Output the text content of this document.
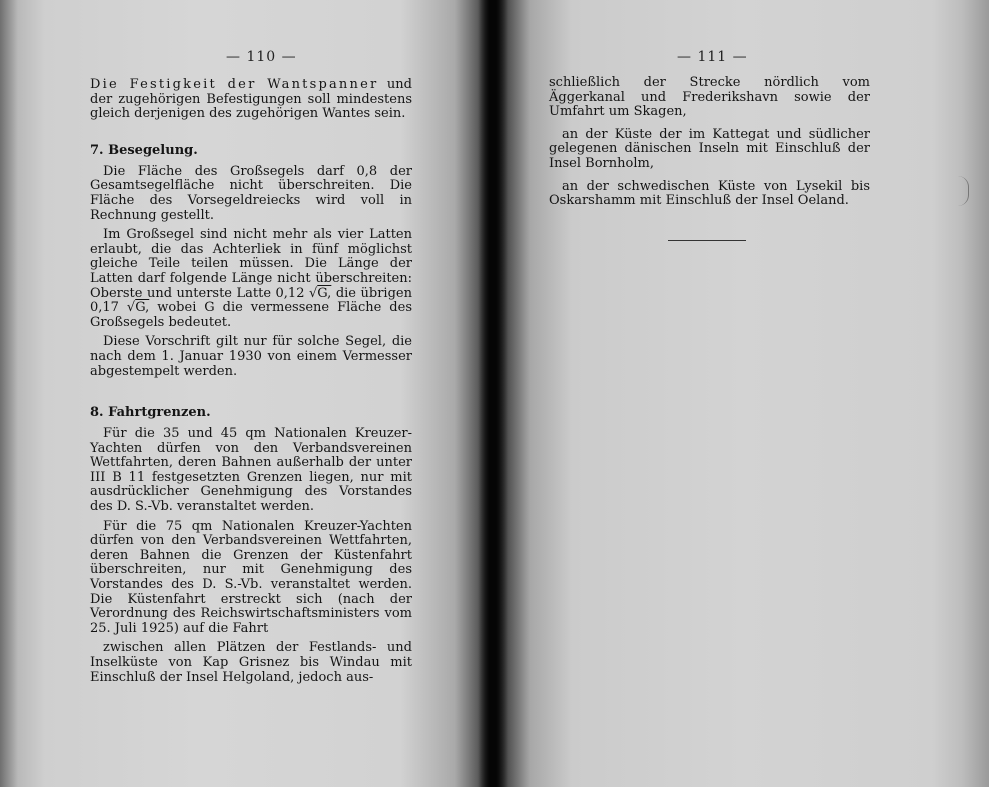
— 110 —	— 111 —

Die Festigkeit der Wantspanner und der zugehörigen Befestigungen soll mindestens gleich derjenigen des zugehörigen Wantes sein.

7. Besegelung.

Die Fläche des Großsegels darf 0,8 der Gesamtsegelfläche nicht überschreiten. Die Fläche des Vorsegeldreiecks wird voll in Rechnung gestellt.

Im Großsegel sind nicht mehr als vier Latten erlaubt, die das Achterliek in fünf möglichst gleiche Teile teilen müssen. Die Länge der Latten darf folgende Länge nicht überschreiten: Oberste und unterste Latte 0,12 √G, die übrigen 0,17 √G, wobei G die vermessene Fläche des Großsegels bedeutet.

Diese Vorschrift gilt nur für solche Segel, die nach dem 1. Januar 1930 von einem Vermesser abgestempelt werden.

8. Fahrtgrenzen.

Für die 35 und 45 qm Nationalen Kreuzer-Yachten dürfen von den Verbandsvereinen Wettfahrten, deren Bahnen außerhalb der unter III B 11 festgesetzten Grenzen liegen, nur mit ausdrücklicher Genehmigung des Vorstandes des D. S.-Vb. veranstaltet werden.

Für die 75 qm Nationalen Kreuzer-Yachten dürfen von den Verbandsvereinen Wettfahrten, deren Bahnen die Grenzen der Küstenfahrt überschreiten, nur mit Genehmigung des Vorstandes des D. S.-Vb. veranstaltet werden. Die Küstenfahrt erstreckt sich (nach der Verordnung des Reichswirtschaftsministers vom 25. Juli 1925) auf die Fahrt

zwischen allen Plätzen der Festlands- und Inselküste von Kap Grisnez bis Windau mit Einschluß der Insel Helgoland, jedoch aus-

schließlich der Strecke nördlich vom Äggerkanal und Frederikshavn sowie der Umfahrt um Skagen,

an der Küste der im Kattegat und südlicher gelegenen dänischen Inseln mit Einschluß der Insel Bornholm,

an der schwedischen Küste von Lysekil bis Oskarshamm mit Einschluß der Insel Oeland.
